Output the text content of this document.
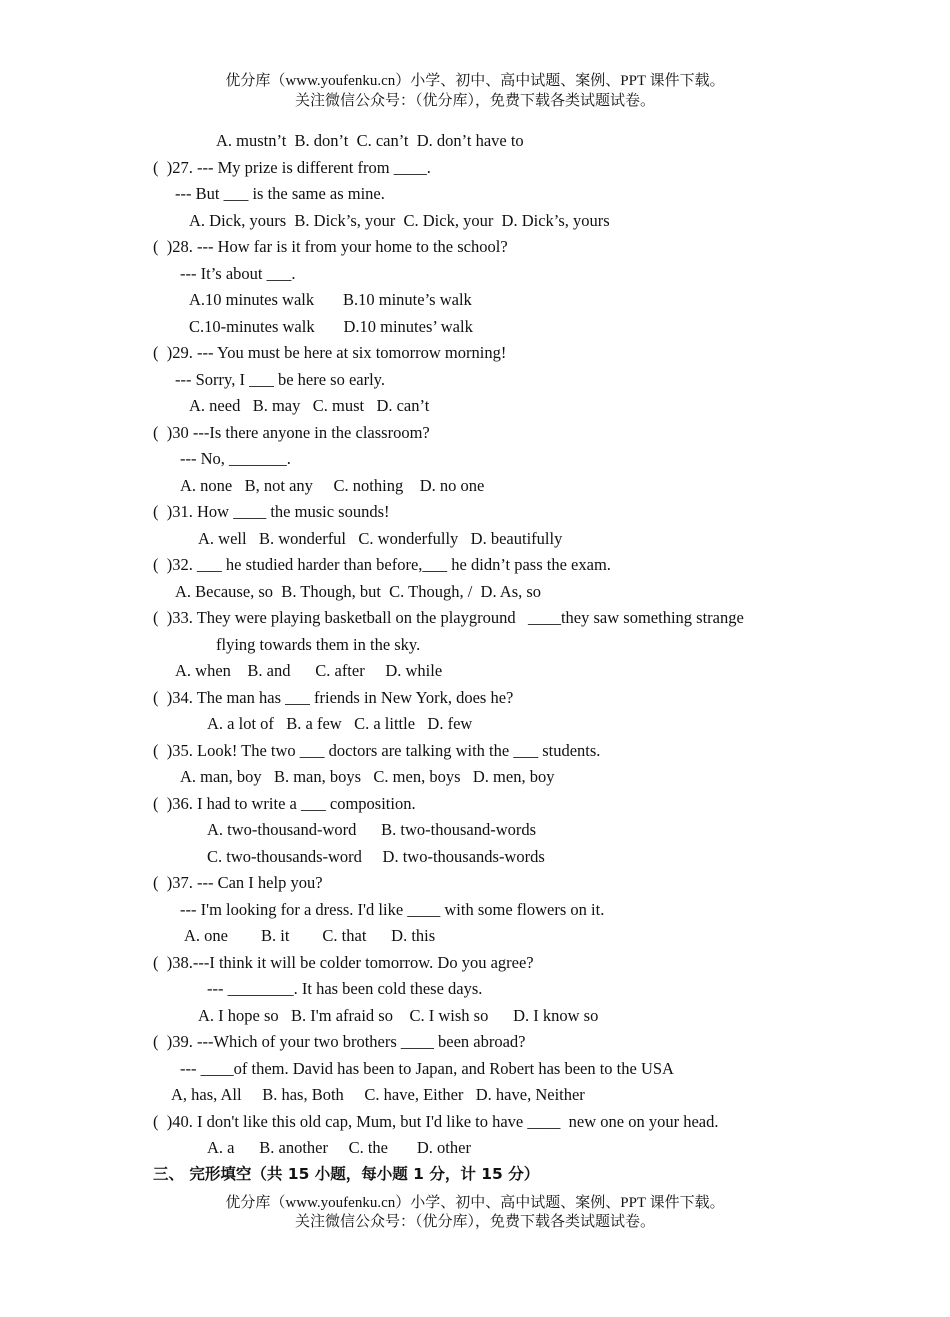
优分库（www.youfenku.cn）小学、初中、高中试题、案例、PPT 课件下载。
关注微信公众号：（优分库），免费下载各类试题试卷。
A. mustn’t  B. don’t  C. can’t  D. don’t have to
(  )27. --- My prize is different from ____.
--- But ___ is the same as mine.
A. Dick, yours  B. Dick’s, your  C. Dick, your  D. Dick’s, yours
(  )28. --- How far is it from your home to the school?
--- It’s about ___.
A.10 minutes walk       B.10 minute’s walk
C.10-minutes walk       D.10 minutes’ walk
(  )29. --- You must be here at six tomorrow morning!
--- Sorry, I ___ be here so early.
A. need   B. may   C. must   D. can’t
(  )30 ---Is there anyone in the classroom?
--- No, _______.
A. none   B, not any     C. nothing    D. no one
(  )31. How ____ the music sounds!
A. well   B. wonderful   C. wonderfully   D. beautifully
(  )32. ___ he studied harder than before,___ he didn’t pass the exam.
A. Because, so  B. Though, but  C. Though, /  D. As, so
(  )33. They were playing basketball on the playground   ____they saw something strange
flying towards them in the sky.
A. when    B. and      C. after     D. while
(  )34. The man has ___ friends in New York, does he?
A. a lot of   B. a few   C. a little   D. few
(  )35. Look! The two ___ doctors are talking with the ___ students.
A. man, boy   B. man, boys   C. men, boys   D. men, boy
(  )36. I had to write a ___ composition.
A. two-thousand-word      B. two-thousand-words
C. two-thousands-word     D. two-thousands-words
(  )37. --- Can I help you?
--- I'm looking for a dress. I'd like ____ with some flowers on it.
A. one        B. it        C. that      D. this
(  )38.---I think it will be colder tomorrow. Do you agree?
--- ________. It has been cold these days.
A. I hope so   B. I'm afraid so    C. I wish so      D. I know so
(  )39. ---Which of your two brothers ____ been abroad?
--- ____of them. David has been to Japan, and Robert has been to the USA
A, has, All     B. has, Both     C. have, Either   D. have, Neither
(  )40. I don't like this old cap, Mum, but I'd like to have ____  new one on your head.
A. a      B. another     C. the       D. other
三、 完形填空（共 15 小题，每小题 1 分，计 15 分）
优分库（www.youfenku.cn）小学、初中、高中试题、案例、PPT 课件下载。
关注微信公众号：（优分库），免费下载各类试题试卷。
